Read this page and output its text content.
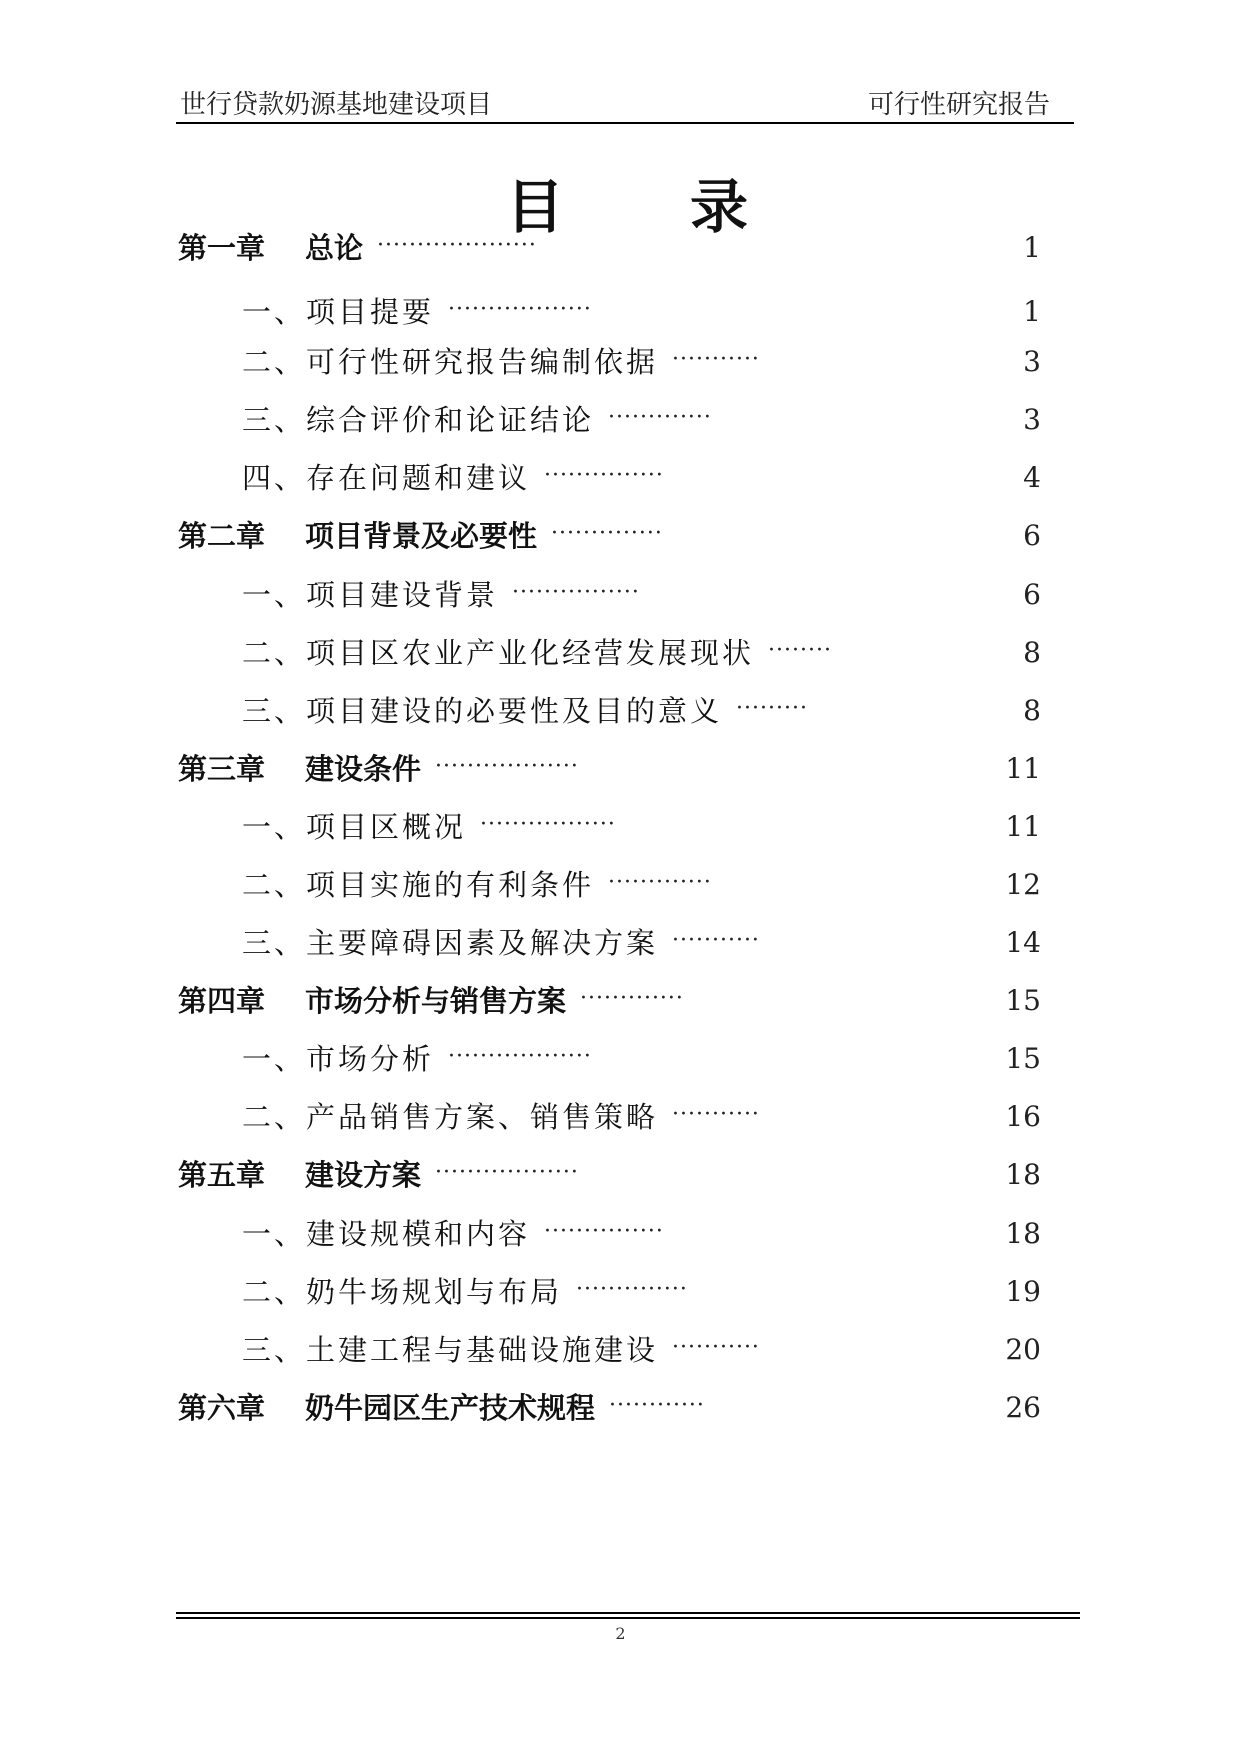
世行贷款奶源基地建设项目	可行性研究报告
目 录
第一章 总论 ····················	1
一、项目提要 ··················	1
二、可行性研究报告编制依据 ···········	3
三、综合评价和论证结论 ·············	3
四、存在问题和建议 ···············	4
第二章 项目背景及必要性 ··············	6
一、项目建设背景 ················	6
二、项目区农业产业化经营发展现状 ········	8
三、项目建设的必要性及目的意义 ·········	8
第三章 建设条件 ··················	11
一、项目区概况 ·················	11
二、项目实施的有利条件 ·············	12
三、主要障碍因素及解决方案 ···········	14
第四章 市场分析与销售方案 ·············	15
一、市场分析 ··················	15
二、产品销售方案、销售策略 ···········	16
第五章 建设方案 ··················	18
一、建设规模和内容 ···············	18
二、奶牛场规划与布局 ··············	19
三、土建工程与基础设施建设 ···········	20
第六章 奶牛园区生产技术规程 ············	26
2
